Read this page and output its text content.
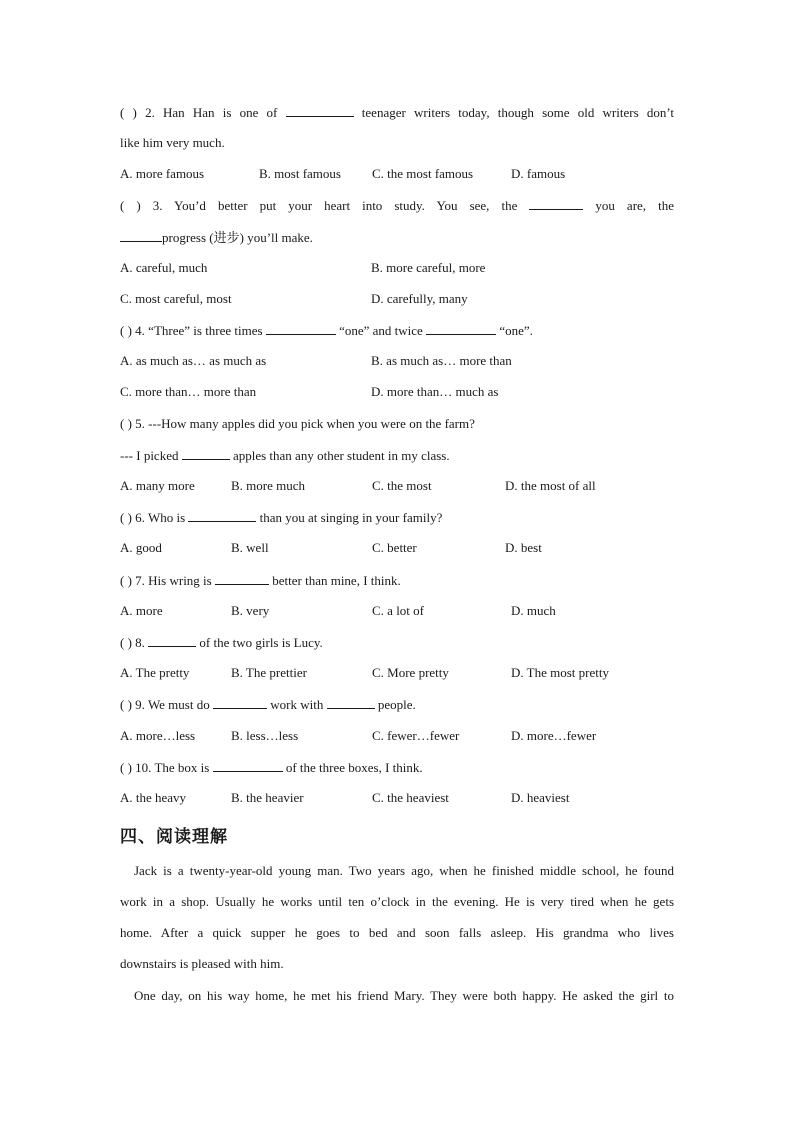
( ) 2. Han Han is one of	teenager writers today, though some old writers don’t
like him very much.
A. more famous	B. most famous C. the most famous	D. famous
( ) 3. You’d better put your heart into study. You see, the	you are, the
progress (进步) you’ll make.
A. careful, much	B. more careful, more
C. most careful, most	D. carefully, many
( ) 4. “Three” is three times	“one” and twice	“one”.
A. as much as… as much as	B. as much as… more than
C. more than… more than	D. more than… much as
( ) 5. ---How many apples did you pick when you were on the farm?
--- I picked	apples than any other student in my class.
A. many more	B. more much	C. the most	D. the most of all
( ) 6. Who is	than you at singing in your family?
A. good	B. well	C. better	D. best
( ) 7. His wring is	better than mine, I think.
A. more	B. very	C. a lot of	D. much
( ) 8.	of the two girls is Lucy.
A. The pretty	B. The prettier	C. More pretty	D. The most pretty
( ) 9. We must do	work with	people.
A. more…less	B. less…less	C. fewer…fewer	D. more…fewer
( ) 10. The box is	of the three boxes, I think.
A. the heavy	B. the heavier	C. the heaviest	D. heaviest
四、阅读理解
Jack is a twenty-year-old young man. Two years ago, when he finished middle school, he found
work in a shop. Usually he works until ten o’clock in the evening. He is very tired when he gets
home. After a quick supper he goes to bed and soon falls asleep. His grandma who lives
downstairs is pleased with him.
One day, on his way home, he met his friend Mary. They were both happy. He asked the girl to
